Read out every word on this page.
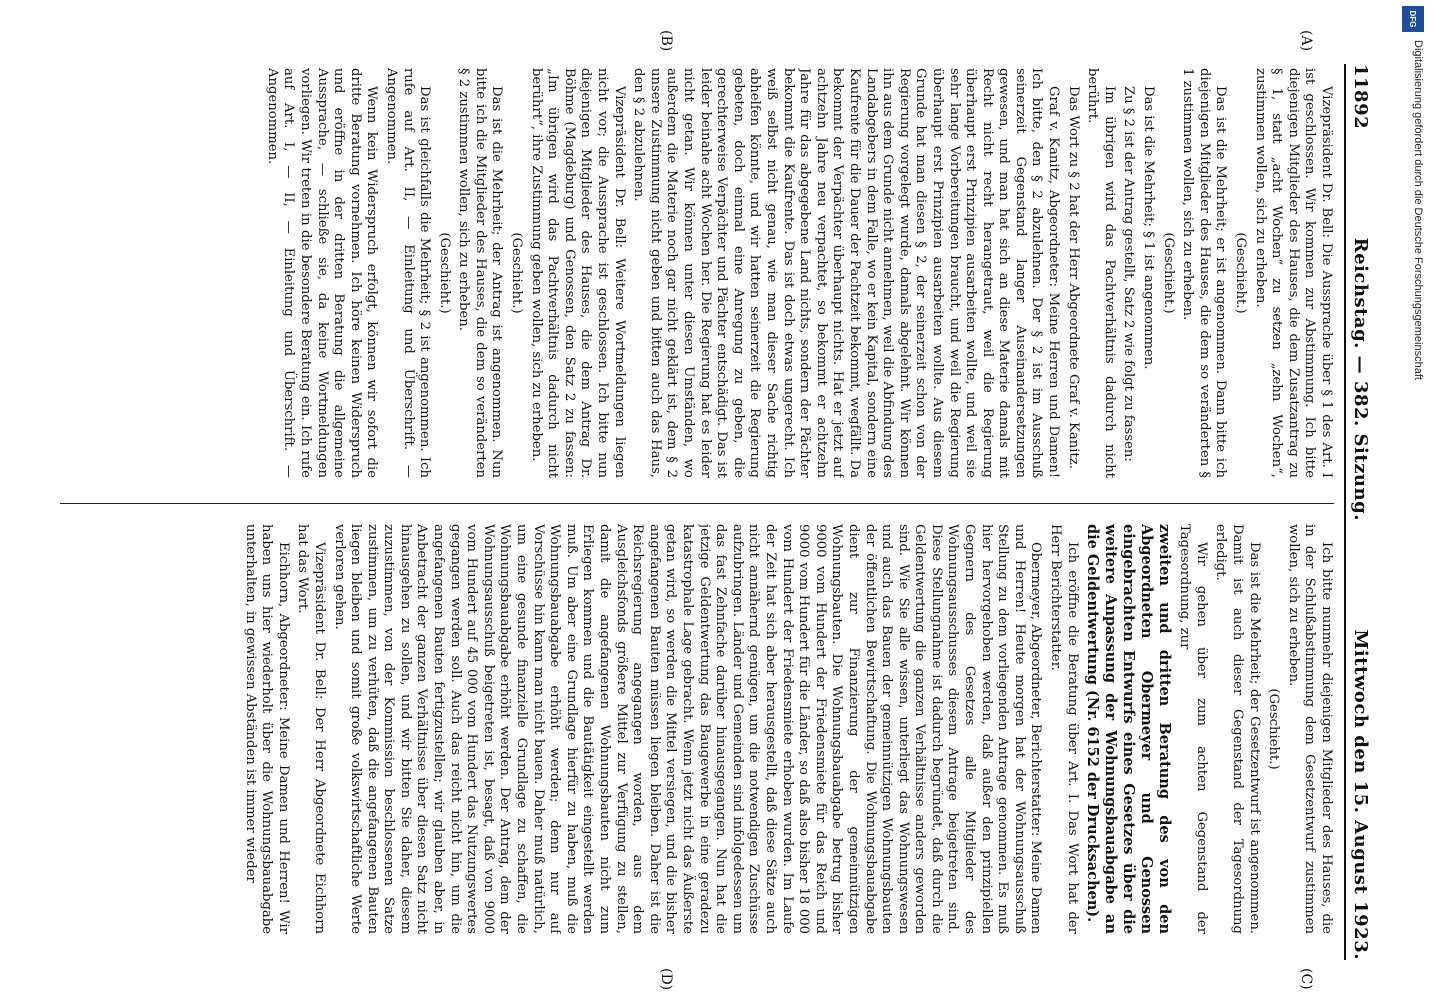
11892
Reichstag. — 382. Sitzung.
Mittwoch den 15. August 1923.

Vizepräsident Dr. Bell: Die Aussprache über § 1 des Art. I ist geschlossen. Wir kommen zur Abstimmung. Ich bitte diejenigen Mitglieder des Hauses, die dem Zusatzantrag zu § 1, statt „acht Wochen“ zu setzen „zehn Wochen“, zustimmen wollen, sich zu erheben.

(Geschieht.)

Das ist die Mehrheit; er ist angenommen. Dann bitte ich diejenigen Mitglieder des Hauses, die dem so veränderten § 1 zustimmen wollen, sich zu erheben.

(Geschieht.)

Das ist die Mehrheit; § 1 ist angenommen.

Zu § 2 ist der Antrag gestellt, Satz 2 wie folgt zu fassen:

Im übrigen wird das Pachtverhältnis dadurch nicht berührt.

Das Wort zu § 2 hat der Herr Abgeordnete Graf v. Kanitz.

Graf v. Kanitz, Abgeordneter: Meine Herren und Damen! Ich bitte, den § 2 abzulehnen. Der § 2 ist im Ausschuß seinerzeit Gegenstand langer Auseinandersetzungen gewesen, und man hat sich an diese Materie damals mit Recht nicht recht herangetraut, weil die Regierung überhaupt erst Prinzipien ausarbeiten wollte, und weil sie sehr lange Vorbereitungen braucht, und weil die Regierung überhaupt erst Prinzipien ausarbeiten wollte. Aus diesem Grunde hat man diesen § 2, der seinerzeit schon von der Regierung vorgelegt wurde, damals abgelehnt. Wir können ihn aus dem Grunde nicht annehmen, weil die Abfindung des Landabgebers in dem Falle, wo er kein Kapital, sondern eine Kaufrente für die Dauer der Pachtzeit bekommt, wegfällt. Da bekommt der Verpächter überhaupt nichts. Hat er jetzt auf achtzehn Jahre neu verpachtet, so bekommt er achtzehn Jahre für das abgegebene Land nichts, sondern der Pächter bekommt die Kaufrente. Das ist doch etwas ungerecht. Ich weiß selbst nicht genau, wie man dieser Sache richtig abhelfen könnte, und wir hatten seinerzeit die Regierung gebeten, doch einmal eine Anregung zu geben, die gerechterweise Verpächter und Pächter entschädigt. Das ist leider beinahe acht Wochen her. Die Regierung hat es leider nicht getan. Wir können unter diesen Umständen, wo außerdem die Materie noch gar nicht geklärt ist, dem § 2 unsere Zustimmung nicht geben und bitten auch das Haus, den § 2 abzulehnen.

Vizepräsident Dr. Bell: Weitere Wortmeldungen liegen nicht vor; die Aussprache ist geschlossen. Ich bitte nun diejenigen Mitglieder des Hauses, die dem Antrag Dr. Böhme (Magdeburg) und Genossen, den Satz 2 zu fassen: „Im übrigen wird das Pachtverhältnis dadurch nicht berührt“, ihre Zustimmung geben wollen, sich zu erheben.

(Geschieht.)

Das ist die Mehrheit; der Antrag ist angenommen. Nun bitte ich die Mitglieder des Hauses, die dem so veränderten § 2 zustimmen wollen, sich zu erheben.

(Geschieht.)

Das ist gleichfalls die Mehrheit; § 2 ist angenommen. Ich rufe auf Art. II, — Einleitung und Überschrift. — Angenommen.

Wenn kein Widerspruch erfolgt, können wir sofort die dritte Beratung vornehmen. Ich höre keinen Widerspruch und eröffne in der dritten Beratung die allgemeine Aussprache, — schließe sie, da keine Wortmeldungen vorliegen. Wir treten in die besondere Beratung ein. Ich rufe auf Art. I, — II, — Einleitung und Überschrift. — Angenommen.

Ich bitte nunmehr diejenigen Mitglieder des Hauses, die in der Schlußabstimmung dem Gesetzentwurf zustimmen wollen, sich zu erheben.

(Geschieht.)

Das ist die Mehrheit; der Gesetzentwurf ist angenommen. Damit ist auch dieser Gegenstand der Tagesordnung erledigt.

Wir gehen über zum achten Gegenstand der Tagesordnung, zur

zweiten und dritten Beratung des von den Abgeordneten Obermeyer und Genossen eingebrachten Entwurfs eines Gesetzes über die weitere Anpassung der Wohnungsbauabgabe an die Geldentwertung (Nr. 6152 der Drucksachen).

Ich eröffne die Beratung über Art. I. Das Wort hat der Herr Berichterstatter.

Obermeyer, Abgeordneter, Berichterstatter: Meine Damen und Herren! Heute morgen hat der Wohnungsausschuß Stellung zu dem vorliegenden Antrage genommen. Es muß hier hervorgehoben werden, daß außer den prinzipiellen Gegnern des Gesetzes alle Mitglieder des Wohnungsausschusses diesem Antrage beigetreten sind. Diese Stellungnahme ist dadurch begründet, daß durch die Geldentwertung die ganzen Verhältnisse anders geworden sind. Wie Sie alle wissen, unterliegt das Wohnungswesen und auch das Bauen der gemeinnützigen Wohnungsbauten der öffentlichen Bewirtschaftung. Die Wohnungsbauabgabe dient zur Finanzierung der gemeinnützigen Wohnungsbauten. Die Wohnungsbauabgabe betrug bisher 9000 vom Hundert der Friedensmiete für das Reich und 9000 vom Hundert für die Länder, so daß also bisher 18 000 vom Hundert der Friedensmiete erhoben wurden. Im Laufe der Zeit hat sich aber herausgestellt, daß diese Sätze auch nicht annähernd genügen, um die notwendigen Zuschüsse aufzubringen. Länder und Gemeinden sind infolgedessen um das fast Zehnfache darüber hinausgegangen. Nun hat die jetzige Geldentwertung das Baugewerbe in eine geradezu katastrophale Lage gebracht. Wenn jetzt nicht das Äußerste getan wird, so werden die Mittel versiegen, und die bisher angefangenen Bauten müssen liegen bleiben. Daher ist die Reichsregierung angegangen worden, aus dem Ausgleichsfonds größere Mittel zur Verfügung zu stellen, damit die angefangenen Wohnungsbauten nicht zum Erliegen kommen und die Bautätigkeit eingestellt werden muß. Um aber eine Grundlage hierfür zu haben, muß die Wohnungsbauabgabe erhöht werden; denn nur auf Vorschüsse hin kann man nicht bauen. Daher muß natürlich, um eine gesunde finanzielle Grundlage zu schaffen, die Wohnungsbauabgabe erhöht werden. Der Antrag, dem der Wohnungsausschuß beigetreten ist, besagt, daß von 9000 vom Hundert auf 45 000 vom Hundert das Nutzungswertes gegangen werden soll. Auch das reicht nicht hin, um die angefangenen Bauten fertigzustellen; wir glauben aber, in Anbetracht der ganzen Verhältnisse über diesen Satz nicht hinausgehen zu sollen, und wir bitten Sie daher, diesem zuzustimmen, von der Kommission beschlossenen Satze zustimmen, um zu verhüten, daß die angefangenen Bauten liegen bleiben und somit große volkswirtschaftliche Werte verloren gehen.

Vizepräsident Dr. Bell: Der Herr Abgeordnete Eichhorn hat das Wort.

Eichhorn, Abgeordneter: Meine Damen und Herren! Wir haben uns hier wiederholt über die Wohnungsbauabgabe unterhalten, in gewissen Abständen ist immer wieder

(A)
(B)
(C)
(D)
DFG
Digitalisierung gefördert durch die Deutsche Forschungsgemeinschaft
